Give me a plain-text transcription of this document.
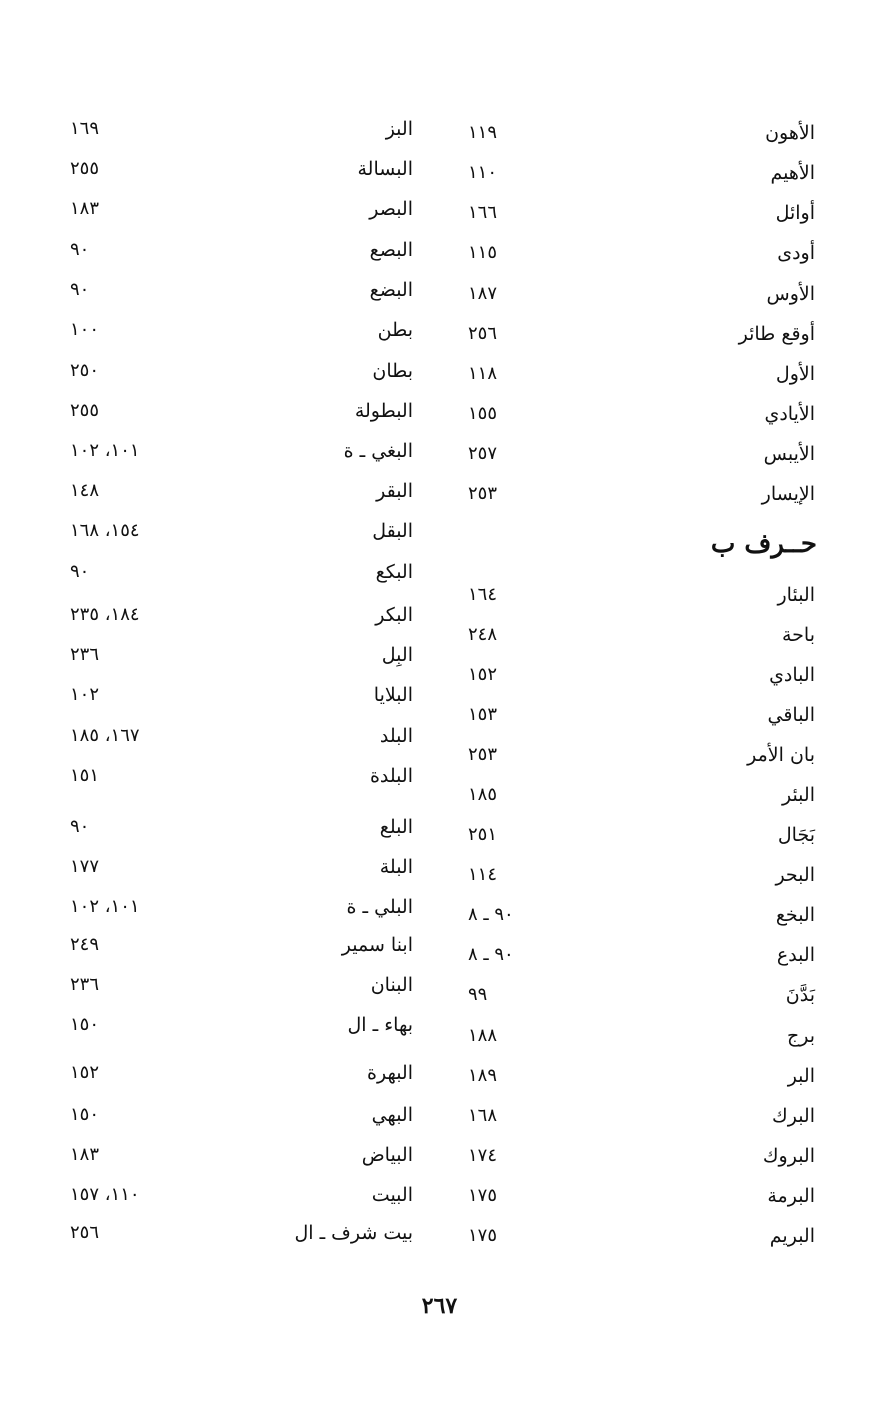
الأهون
١١٩
الأهيم
١١٠
أوائل
١٦٦
أودى
١١٥
الأوس
١٨٧
أوقع طائر
٢٥٦
الأول
١١٨
الأيادي
١٥٥
الأيبس
٢٥٧
الإيسار
٢٥٣
البئار
١٦٤
باحة
٢٤٨
البادي
١٥٢
الباقي
١٥٣
بان الأمر
٢٥٣
البئر
١٨٥
بَجَال
٢٥١
البحر
١١٤
البخع
٩٠ ـ ٨
البدع
٩٠ ـ ٨
بَدَّنَ
٩٩
برج
١٨٨
البر
١٨٩
البرك
١٦٨
البروك
١٧٤
البرمة
١٧٥
البريم
١٧٥
البز
١٦٩
البسالة
٢٥٥
البصر
١٨٣
البصع
٩٠
البضع
٩٠
بطن
١٠٠
بطان
٢٥٠
البطولة
٢٥٥
البغي ـ ة
١٠١، ١٠٢
البقر
١٤٨
البقل
١٥٤، ١٦٨
البكع
٩٠
البكر
١٨٤، ٢٣٥
البِل
٢٣٦
البلايا
١٠٢
البلد
١٦٧، ١٨٥
البلدة
١٥١
البلع
٩٠
البلة
١٧٧
البلي ـ ة
١٠١، ١٠٢
ابنا سمير
٢٤٩
البنان
٢٣٦
بهاء ـ ال
١٥٠
البهرة
١٥٢
البهي
١٥٠
البياض
١٨٣
البيت
١١٠، ١٥٧
بيت شرف ـ ال
٢٥٦
حــرف ب
٢٦٧
